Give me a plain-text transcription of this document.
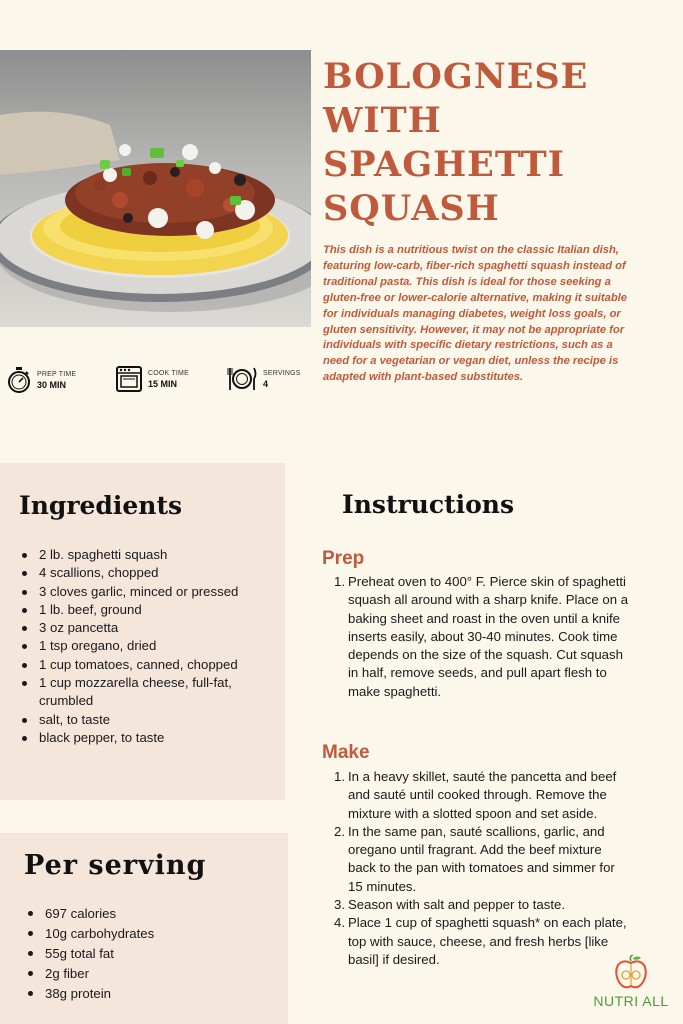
BOLOGNESE WITH SPAGHETTI SQUASH
This dish is a nutritious twist on the classic Italian dish, featuring low-carb, fiber-rich spaghetti squash instead of traditional pasta. This dish is ideal for those seeking a gluten-free or lower-calorie alternative, making it suitable for individuals managing diabetes, weight loss goals, or gluten sensitivity. However, it may not be appropriate for individuals with specific dietary restrictions, such as a need for a vegetarian or vegan diet, unless the recipe is adapted with plant-based substitutes.
PREP TIME
30 MIN
COOK TIME
15 MIN
SERVINGS
4
Ingredients
2 lb. spaghetti squash
4 scallions, chopped
3 cloves garlic, minced or pressed
1 lb. beef, ground
3 oz pancetta
1 tsp oregano, dried
1 cup tomatoes, canned, chopped
1 cup mozzarella cheese, full-fat, crumbled
salt, to taste
black pepper, to taste
Per serving
697 calories
10g carbohydrates
55g total fat
2g fiber
38g protein
Instructions
Prep
1. Preheat oven to 400° F. Pierce skin of spaghetti squash all around with a sharp knife. Place on a baking sheet and roast in the oven until a knife inserts easily, about 30-40 minutes. Cook time depends on the size of the squash. Cut squash in half, remove seeds, and pull apart flesh to make spaghetti.
Make
1. In a heavy skillet, sauté the pancetta and beef and sauté until cooked through. Remove the mixture with a slotted spoon and set aside.
2. In the same pan, sauté scallions, garlic, and oregano until fragrant. Add the beef mixture back to the pan with tomatoes and simmer for 15 minutes.
3. Season with salt and pepper to taste.
4. Place 1 cup of spaghetti squash* on each plate, top with sauce, cheese, and fresh herbs [like basil] if desired.
NUTRI ALL
